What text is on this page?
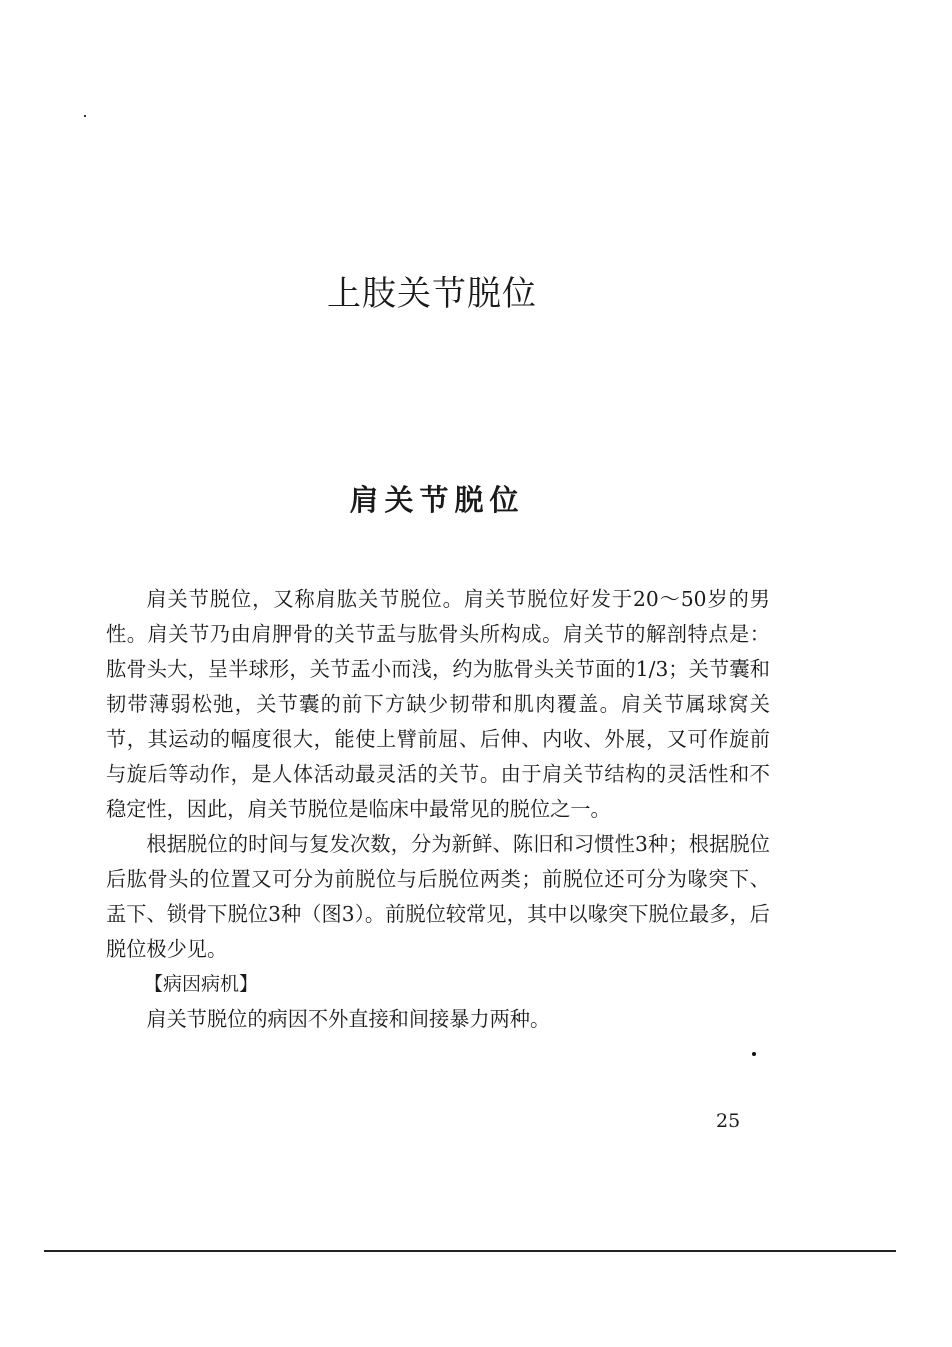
上肢关节脱位
肩关节脱位

肩关节脱位，又称肩肱关节脱位。肩关节脱位好发于20～50岁的男性。肩关节乃由肩胛骨的关节盂与肱骨头所构成。肩关节的解剖特点是：肱骨头大，呈半球形，关节盂小而浅，约为肱骨头关节面的1/3；关节囊和韧带薄弱松弛，关节囊的前下方缺少韧带和肌肉覆盖。肩关节属球窝关节，其运动的幅度很大，能使上臂前屈、后伸、内收、外展，又可作旋前与旋后等动作，是人体活动最灵活的关节。由于肩关节结构的灵活性和不稳定性，因此，肩关节脱位是临床中最常见的脱位之一。

根据脱位的时间与复发次数，分为新鲜、陈旧和习惯性3种；根据脱位后肱骨头的位置又可分为前脱位与后脱位两类；前脱位还可分为喙突下、盂下、锁骨下脱位3种（图3）。前脱位较常见，其中以喙突下脱位最多，后脱位极少见。

【病因病机】

肩关节脱位的病因不外直接和间接暴力两种。

25
